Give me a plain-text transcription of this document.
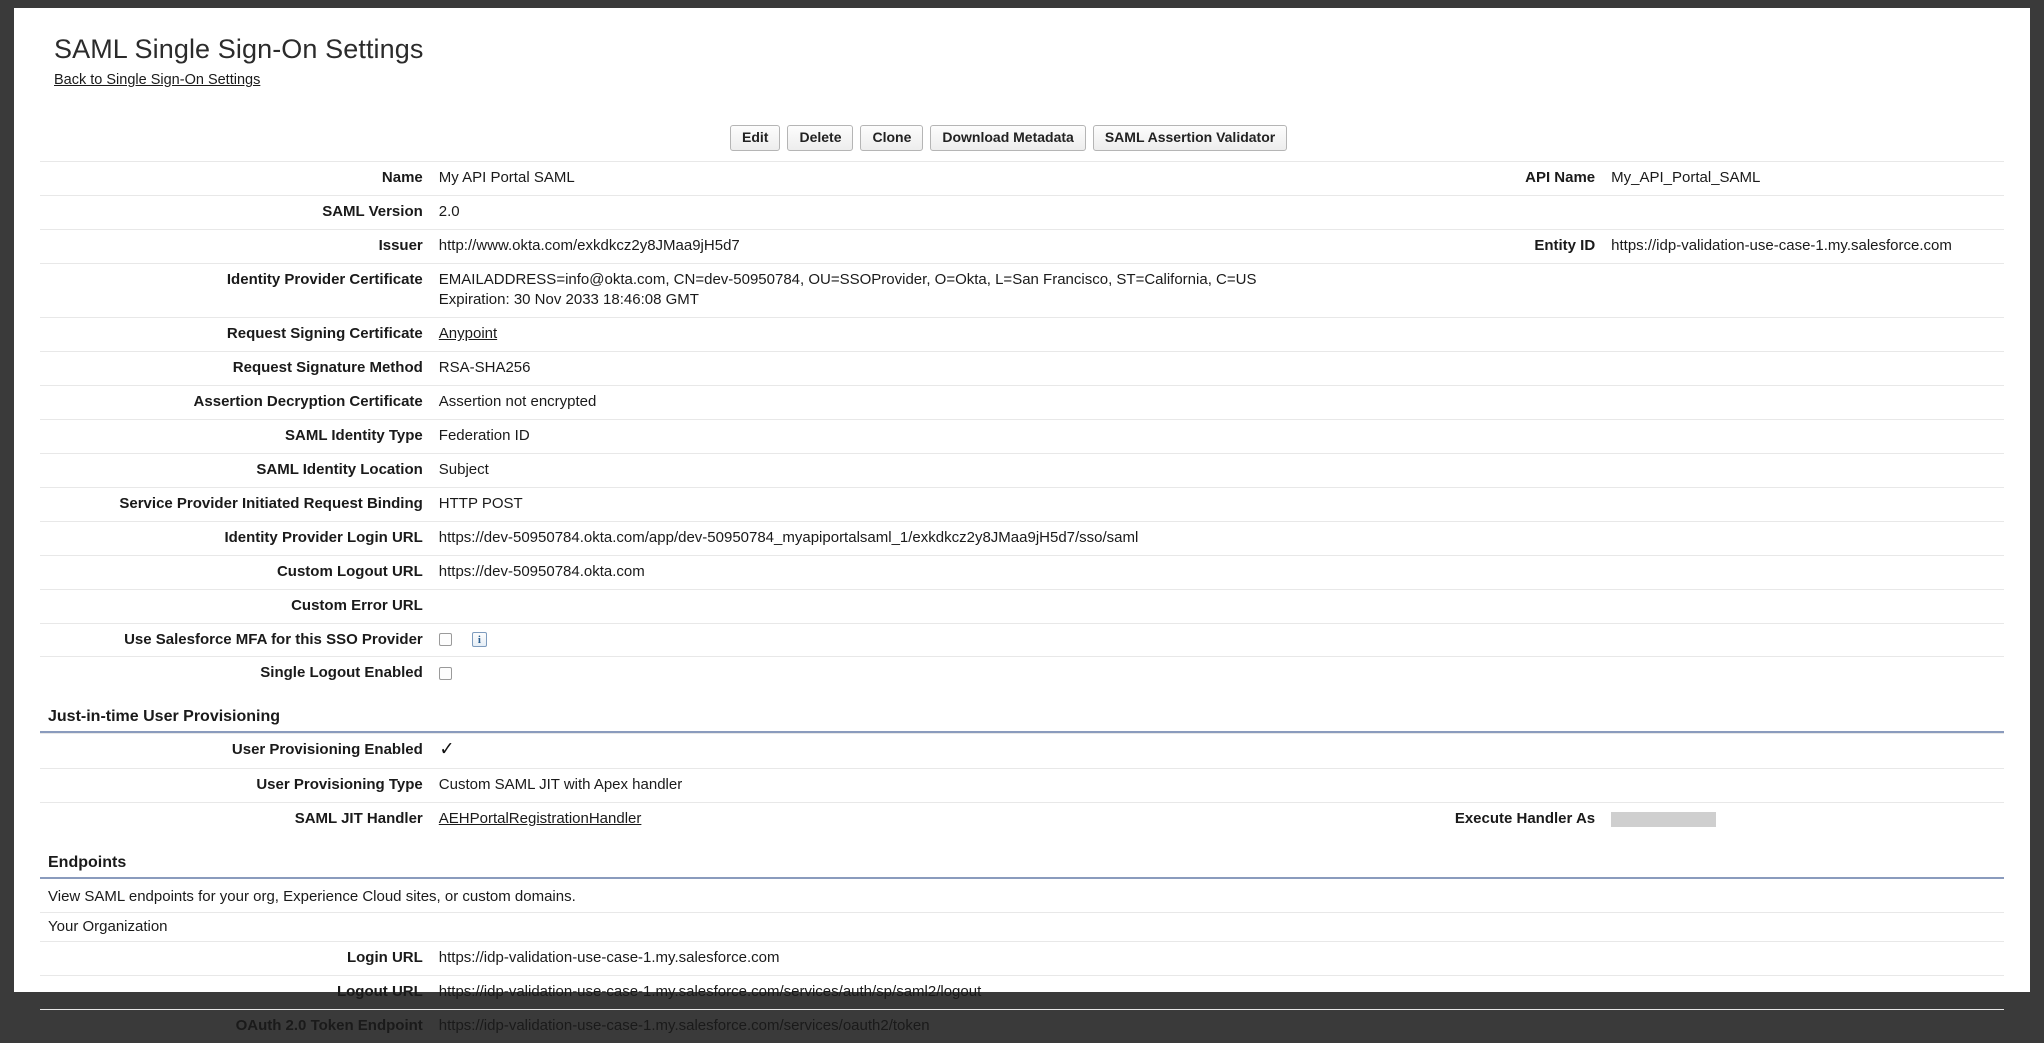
SAML Single Sign-On Settings
Back to Single Sign-On Settings
Edit	Delete	Clone	Download Metadata	SAML Assertion Validator
Name	My API Portal SAML	API Name	My_API_Portal_SAML
SAML Version	2.0		
Issuer	http://www.okta.com/exkdkcz2y8JMaa9jH5d7	Entity ID	https://idp-validation-use-case-1.my.salesforce.com
Identity Provider Certificate	EMAILADDRESS=info@okta.com, CN=dev-50950784, OU=SSOProvider, O=Okta, L=San Francisco, ST=California, C=US
Expiration: 30 Nov 2033 18:46:08 GMT		

Request Signing Certificate	Anypoint		
Request Signature Method	RSA-SHA256		
Assertion Decryption Certificate	Assertion not encrypted		
SAML Identity Type	Federation ID		
SAML Identity Location	Subject		
Service Provider Initiated Request Binding	HTTP POST		
Identity Provider Login URL	https://dev-50950784.okta.com/app/dev-50950784_myapiportalsaml_1/exkdkcz2y8JMaa9jH5d7/sso/saml		
Custom Logout URL	https://dev-50950784.okta.com		
Custom Error URL			
Use Salesforce MFA for this SSO Provider	i		
Single Logout Enabled			
Just-in-time User Provisioning
User Provisioning Enabled	✓		
User Provisioning Type	Custom SAML JIT with Apex handler		
SAML JIT Handler	AEHPortalRegistrationHandler	Execute Handler As	
Endpoints
View SAML endpoints for your org, Experience Cloud sites, or custom domains.
Your Organization
Login URL	https://idp-validation-use-case-1.my.salesforce.com		
Logout URL	https://idp-validation-use-case-1.my.salesforce.com/services/auth/sp/saml2/logout		
OAuth 2.0 Token Endpoint	https://idp-validation-use-case-1.my.salesforce.com/services/oauth2/token		
